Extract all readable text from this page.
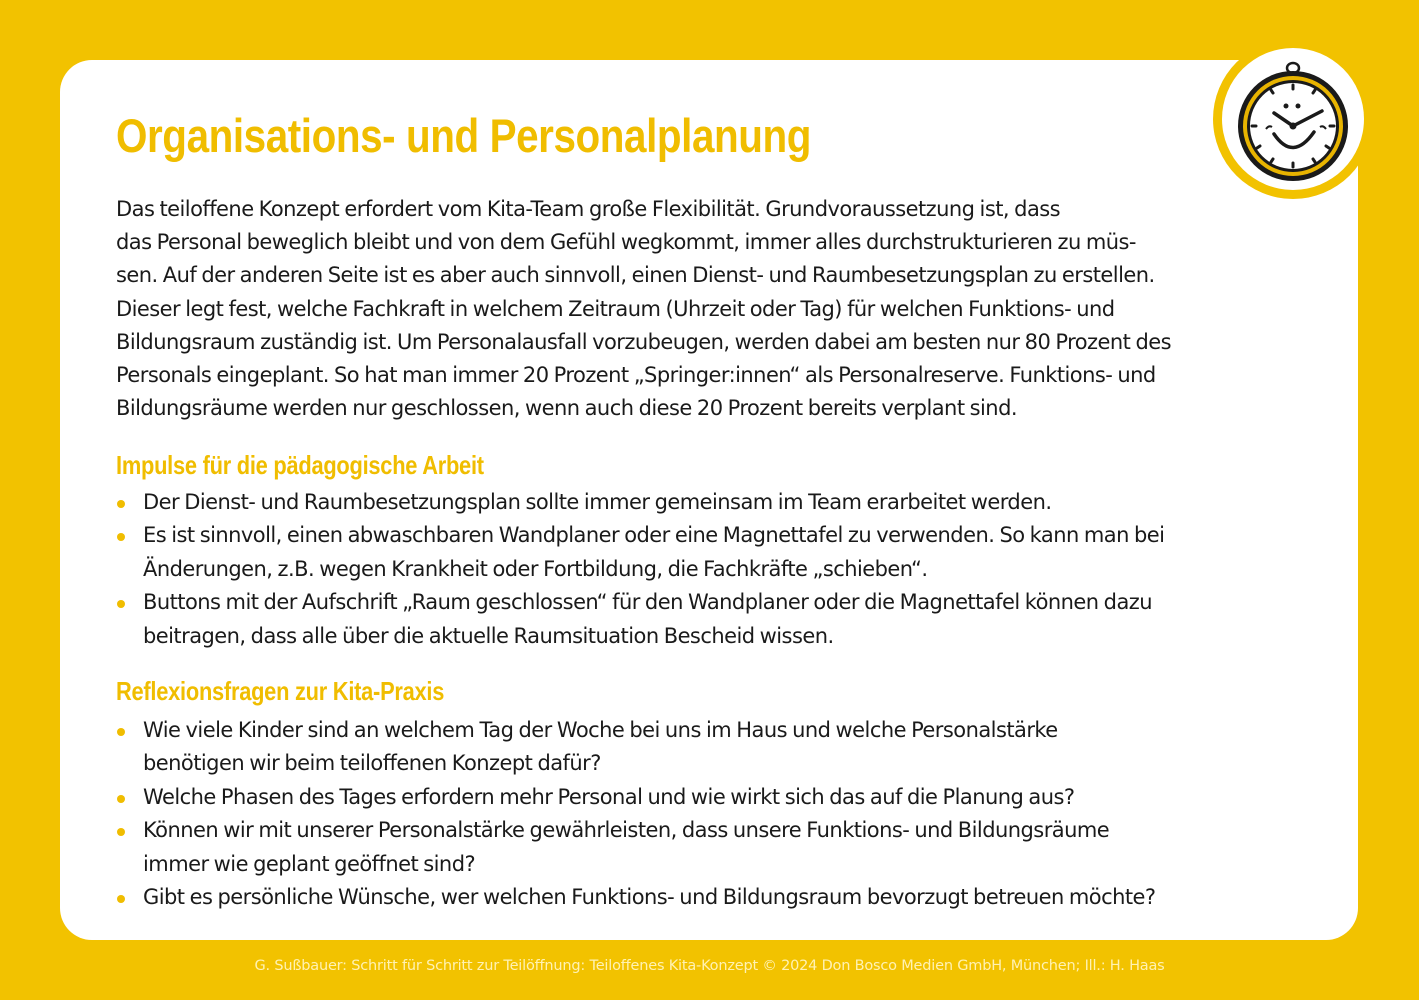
Organisations- und Personalplanung

Das teiloffene Konzept erfordert vom Kita-Team große Flexibilität. Grundvoraussetzung ist, dass
das Personal beweglich bleibt und von dem Gefühl wegkommt, immer alles durchstrukturieren zu müs-
sen. Auf der anderen Seite ist es aber auch sinnvoll, einen Dienst- und Raumbesetzungsplan zu erstellen.
Dieser legt fest, welche Fachkraft in welchem Zeitraum (Uhrzeit oder Tag) für welchen Funktions- und
Bildungsraum zuständig ist. Um Personalausfall vorzubeugen, werden dabei am besten nur 80 Prozent des
Personals eingeplant. So hat man immer 20 Prozent „Springer:innen“ als Personalreserve. Funktions- und
Bildungsräume werden nur geschlossen, wenn auch diese 20 Prozent bereits verplant sind.

Impulse für die pädagogische Arbeit
Der Dienst- und Raumbesetzungsplan sollte immer gemeinsam im Team erarbeitet werden.
Es ist sinnvoll, einen abwaschbaren Wandplaner oder eine Magnettafel zu verwenden. So kann man bei
Änderungen, z.B. wegen Krankheit oder Fortbildung, die Fachkräfte „schieben“.
Buttons mit der Aufschrift „Raum geschlossen“ für den Wandplaner oder die Magnettafel können dazu
beitragen, dass alle über die aktuelle Raumsituation Bescheid wissen.
Reflexionsfragen zur Kita-Praxis
Wie viele Kinder sind an welchem Tag der Woche bei uns im Haus und welche Personalstärke
benötigen wir beim teiloffenen Konzept dafür?
Welche Phasen des Tages erfordern mehr Personal und wie wirkt sich das auf die Planung aus?
Können wir mit unserer Personalstärke gewährleisten, dass unsere Funktions- und Bildungsräume
immer wie geplant geöffnet sind?
Gibt es persönliche Wünsche, wer welchen Funktions- und Bildungsraum bevorzugt betreuen möchte?
G. Sußbauer: Schritt für Schritt zur Teilöffnung: Teiloffenes Kita-Konzept © 2024 Don Bosco Medien GmbH, München; Ill.: H. Haas
